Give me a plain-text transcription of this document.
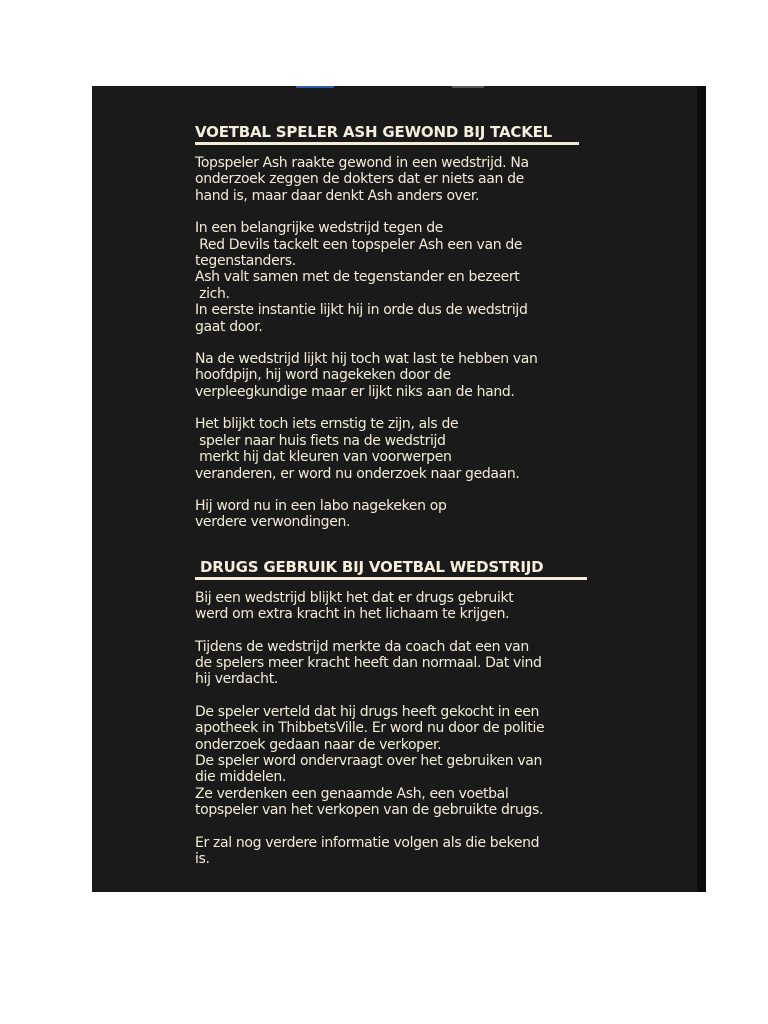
VOETBAL SPELER ASH GEWOND BIJ TACKEL

Topspeler Ash raakte gewond in een wedstrijd. Na
onderzoek zeggen de dokters dat er niets aan de
hand is, maar daar denkt Ash anders over.

In een belangrijke wedstrijd tegen de
Red Devils tackelt een topspeler Ash een van de
tegenstanders.
Ash valt samen met de tegenstander en bezeert
zich.
In eerste instantie lijkt hij in orde dus de wedstrijd
gaat door.

Na de wedstrijd lijkt hij toch wat last te hebben van
hoofdpijn, hij word nagekeken door de
verpleegkundige maar er lijkt niks aan de hand.

Het blijkt toch iets ernstig te zijn, als de
speler naar huis fiets na de wedstrijd
merkt hij dat kleuren van voorwerpen
veranderen, er word nu onderzoek naar gedaan.

Hij word nu in een labo nagekeken op
verdere verwondingen.

DRUGS GEBRUIK BIJ VOETBAL WEDSTRIJD

Bij een wedstrijd blijkt het dat er drugs gebruikt
werd om extra kracht in het lichaam te krijgen.

Tijdens de wedstrijd merkte da coach dat een van
de spelers meer kracht heeft dan normaal. Dat vind
hij verdacht.

De speler verteld dat hij drugs heeft gekocht in een
apotheek in ThibbetsVille. Er word nu door de politie
onderzoek gedaan naar de verkoper.
De speler word ondervraagt over het gebruiken van
die middelen.
Ze verdenken een genaamde Ash, een voetbal
topspeler van het verkopen van de gebruikte drugs.

Er zal nog verdere informatie volgen als die bekend
is.
